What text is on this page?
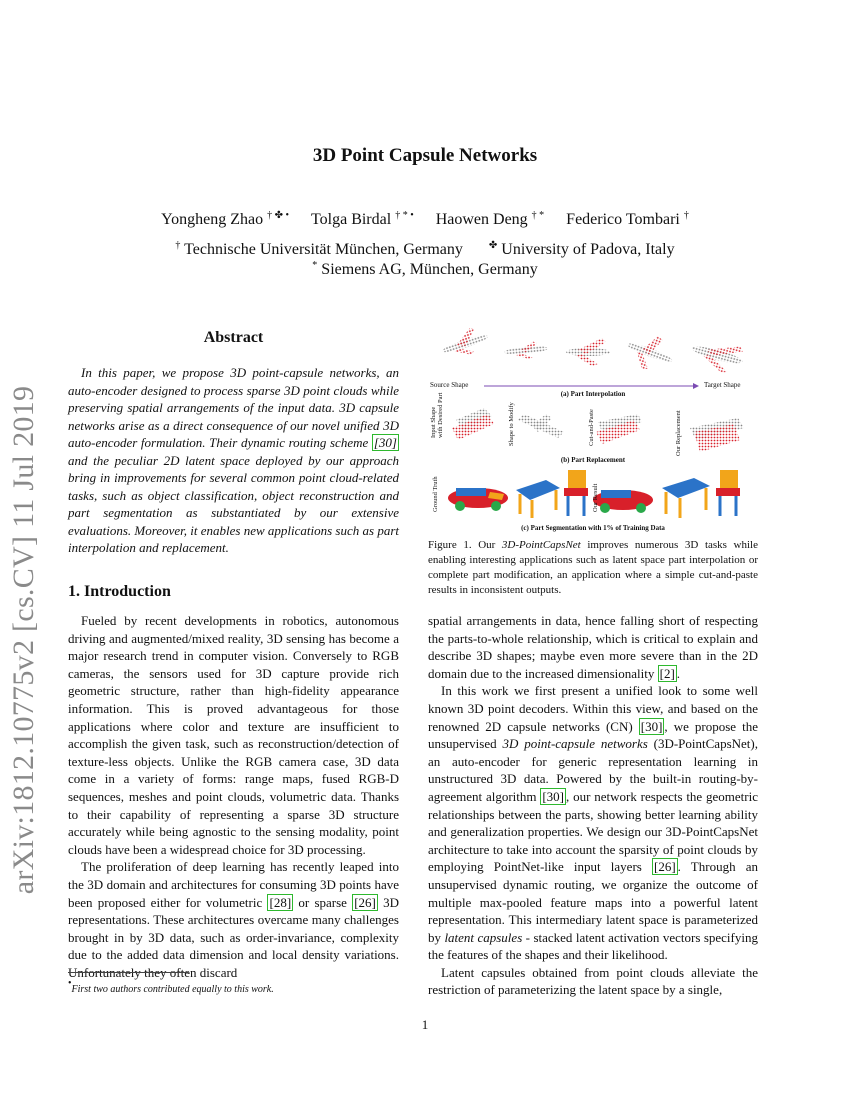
arXiv:1812.10775v2 [cs.CV] 11 Jul 2019
3D Point Capsule Networks
Yongheng Zhao † ✤ • Tolga Birdal † * • Haowen Deng † * Federico Tombari †
† Technische Universität München, Germany	✤ University of Padova, Italy
* Siemens AG, München, Germany
Abstract
In this paper, we propose 3D point-capsule networks, an auto-encoder designed to process sparse 3D point clouds while preserving spatial arrangements of the input data. 3D capsule networks arise as a direct consequence of our novel unified 3D auto-encoder formulation. Their dynamic routing scheme [30] and the peculiar 2D latent space deployed by our approach bring in improvements for several common point cloud-related tasks, such as object classification, object reconstruction and part segmentation as substantiated by our extensive evaluations. Moreover, it enables new applications such as part interpolation and replacement.
1. Introduction

Fueled by recent developments in robotics, autonomous driving and augmented/mixed reality, 3D sensing has become a major research trend in computer vision. Conversely to RGB cameras, the sensors used for 3D capture provide rich geometric structure, rather than high-fidelity appearance information. This is proved advantageous for those applications where color and texture are insufficient to accomplish the given task, such as reconstruction/detection of texture-less objects. Unlike the RGB camera case, 3D data come in a variety of forms: range maps, fused RGB-D sequences, meshes and point clouds, volumetric data. Thanks to their capability of representing a sparse 3D structure accurately while being agnostic to the sensing modality, point clouds have been a widespread choice for 3D processing.

The proliferation of deep learning has recently leaped into the 3D domain and architectures for consuming 3D points have been proposed either for volumetric [28] or sparse [26] 3D representations. These architectures overcame many challenges brought in by 3D data, such as order-invariance, complexity due to the added data dimension and local density variations. Unfortunately they often discard

•First two authors contributed equally to this work.
Source Shape	Target Shape
(a) Part Interpolation
Input Shape
with Desired Part	Shape to Modify	Cut-and-Paste	Our Replacement
(b) Part Replacement
Ground Truth	Our Result
(c) Part Segmentation with 1% of Training Data
Figure 1. Our 3D-PointCapsNet improves numerous 3D tasks while enabling interesting applications such as latent space part interpolation or complete part modification, an application where a simple cut-and-paste results in inconsistent outputs.

spatial arrangements in data, hence falling short of respecting the parts-to-whole relationship, which is critical to explain and describe 3D shapes; maybe even more severe than in the 2D domain due to the increased dimensionality [2] .

In this work we first present a unified look to some well known 3D point decoders. Within this view, and based on the renowned 2D capsule networks (CN) [30] , we propose the unsupervised 3D point-capsule networks (3D-PointCapsNet), an auto-encoder for generic representation learning in unstructured 3D data. Powered by the built-in routing-by-agreement algorithm [30] , our network respects the geometric relationships between the parts, showing better learning ability and generalization properties. We design our 3D-PointCapsNet architecture to take into account the sparsity of point clouds by employing PointNet-like input layers [26] . Through an unsupervised dynamic routing, we organize the outcome of multiple max-pooled feature maps into a powerful latent representation. This intermediary latent space is parameterized by latent capsules - stacked latent activation vectors specifying the features of the shapes and their likelihood.

Latent capsules obtained from point clouds alleviate the restriction of parameterizing the latent space by a single,

1
